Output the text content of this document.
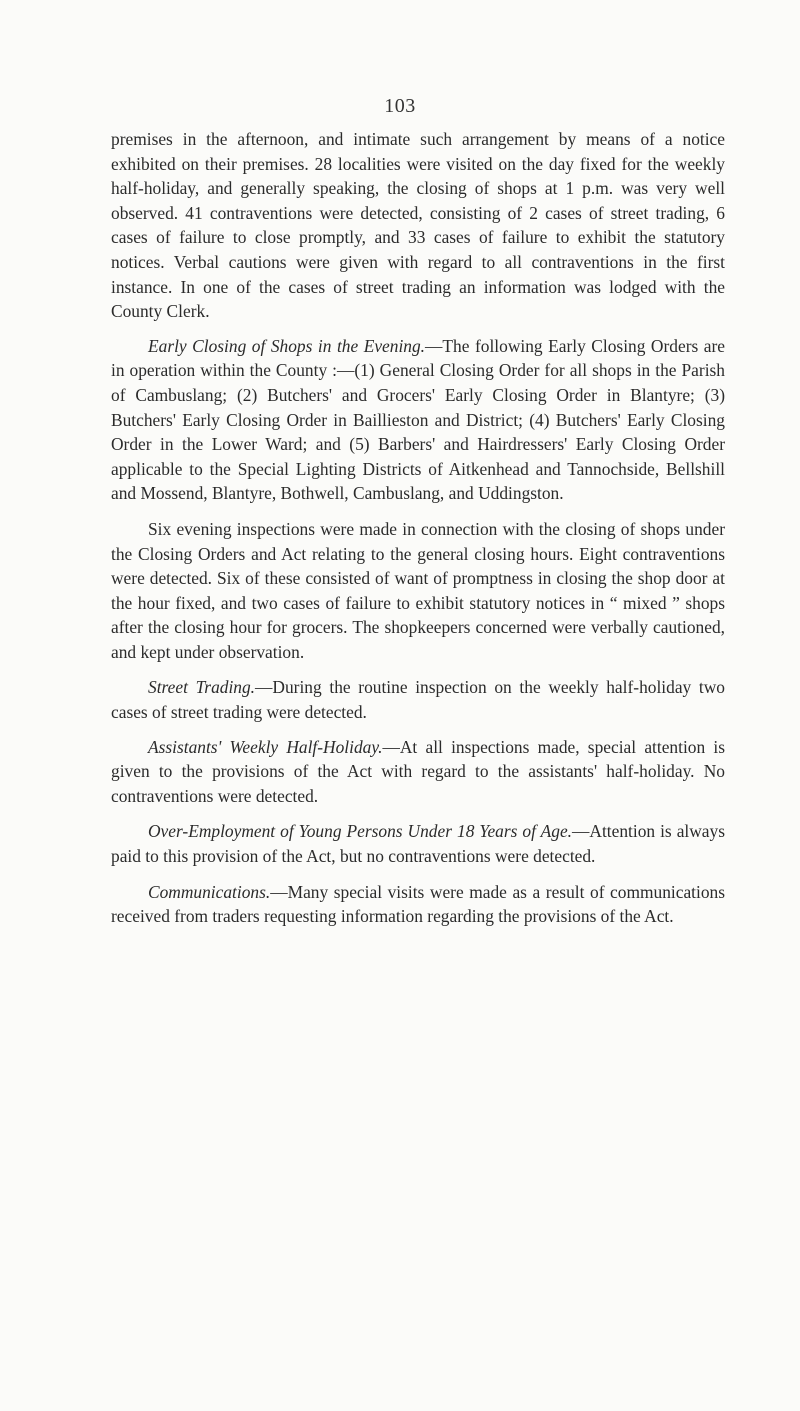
103

premises in the afternoon, and intimate such arrangement by means of a notice exhibited on their premises. 28 localities were visited on the day fixed for the weekly half-holiday, and generally speaking, the closing of shops at 1 p.m. was very well observed. 41 contraventions were detected, consisting of 2 cases of street trading, 6 cases of failure to close promptly, and 33 cases of failure to exhibit the statutory notices. Verbal cautions were given with regard to all contraventions in the first instance. In one of the cases of street trading an information was lodged with the County Clerk.

Early Closing of Shops in the Evening.—The following Early Closing Orders are in operation within the County :—(1) General Closing Order for all shops in the Parish of Cambuslang; (2) Butchers' and Grocers' Early Closing Order in Blantyre; (3) Butchers' Early Closing Order in Baillieston and District; (4) Butchers' Early Closing Order in the Lower Ward; and (5) Barbers' and Hairdressers' Early Closing Order applicable to the Special Lighting Districts of Aitkenhead and Tannochside, Bellshill and Mossend, Blantyre, Bothwell, Cambuslang, and Uddingston.

Six evening inspections were made in connection with the closing of shops under the Closing Orders and Act relating to the general closing hours. Eight contraventions were detected. Six of these consisted of want of promptness in closing the shop door at the hour fixed, and two cases of failure to exhibit statutory notices in “ mixed ” shops after the closing hour for grocers. The shopkeepers concerned were verbally cautioned, and kept under observation.

Street Trading.—During the routine inspection on the weekly half-holiday two cases of street trading were detected.

Assistants' Weekly Half-Holiday.—At all inspections made, special attention is given to the provisions of the Act with regard to the assistants' half-holiday. No contraventions were detected.

Over-Employment of Young Persons Under 18 Years of Age.—Attention is always paid to this provision of the Act, but no contraventions were detected.

Communications.—Many special visits were made as a result of communications received from traders requesting information regarding the provisions of the Act.
